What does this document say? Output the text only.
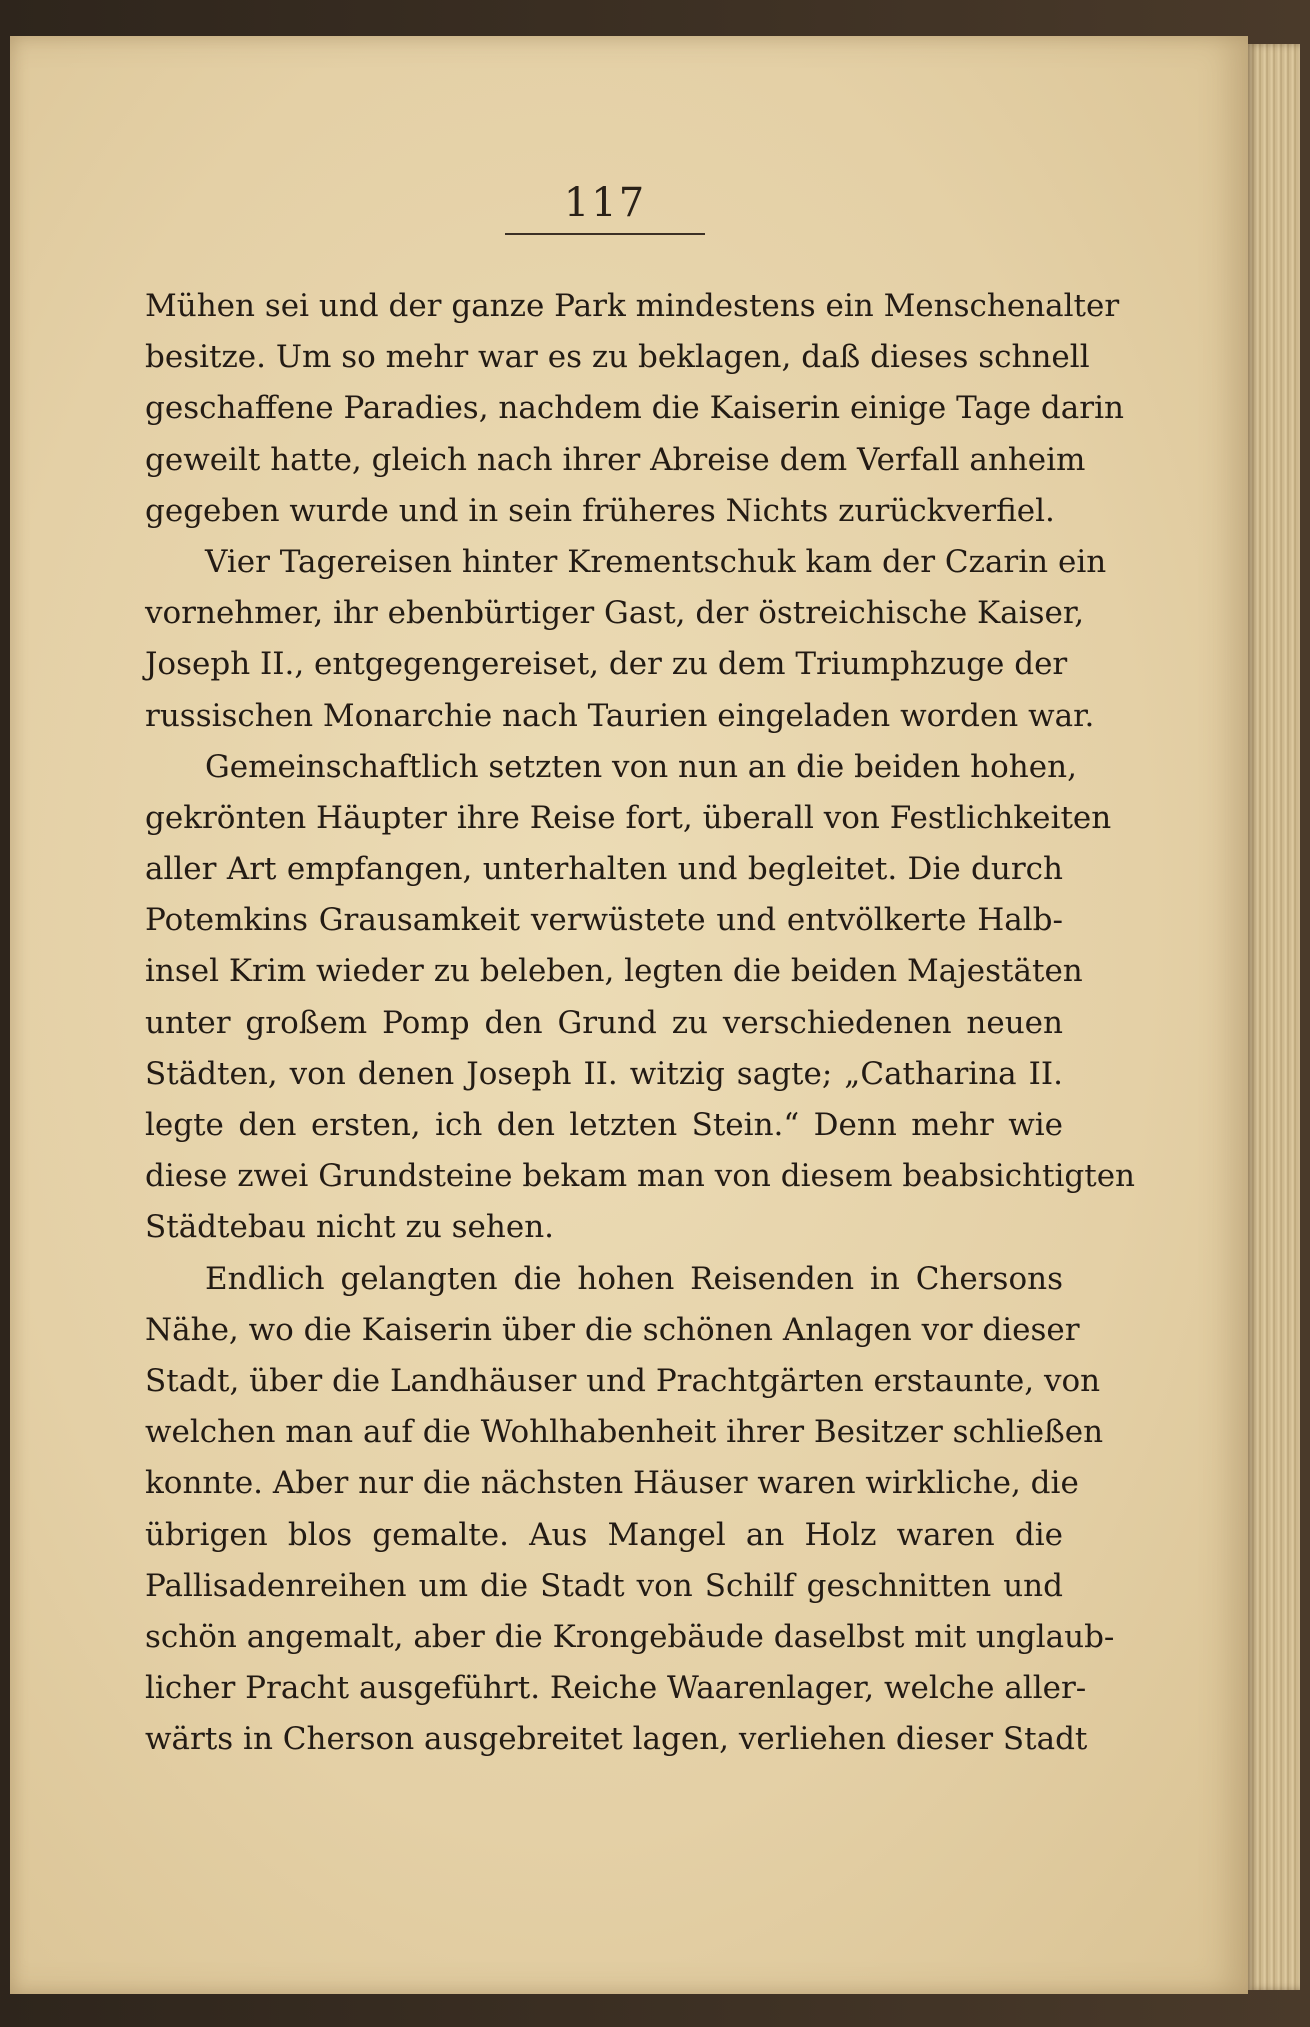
117
Mühen sei und der ganze Park mindestens ein Menschenalter
besitze. Um so mehr war es zu beklagen, daß dieses schnell
geschaffene Paradies, nachdem die Kaiserin einige Tage darin
geweilt hatte, gleich nach ihrer Abreise dem Verfall anheim
gegeben wurde und in sein früheres Nichts zurückverfiel.
Vier Tagereisen hinter Krementschuk kam der Czarin ein
vornehmer, ihr ebenbürtiger Gast, der östreichische Kaiser,
Joseph II., entgegengereiset, der zu dem Triumphzuge der
russischen Monarchie nach Taurien eingeladen worden war.
Gemeinschaftlich setzten von nun an die beiden hohen,
gekrönten Häupter ihre Reise fort, überall von Festlichkeiten
aller Art empfangen, unterhalten und begleitet. Die durch
Potemkins Grausamkeit verwüstete und entvölkerte Halb-
insel Krim wieder zu beleben, legten die beiden Majestäten
unter großem Pomp den Grund zu verschiedenen neuen
Städten, von denen Joseph II. witzig sagte; „Catharina II.
legte den ersten, ich den letzten Stein.“ Denn mehr wie
diese zwei Grundsteine bekam man von diesem beabsichtigten
Städtebau nicht zu sehen.
Endlich gelangten die hohen Reisenden in Chersons
Nähe, wo die Kaiserin über die schönen Anlagen vor dieser
Stadt, über die Landhäuser und Prachtgärten erstaunte, von
welchen man auf die Wohlhabenheit ihrer Besitzer schließen
konnte. Aber nur die nächsten Häuser waren wirkliche, die
übrigen blos gemalte. Aus Mangel an Holz waren die
Pallisadenreihen um die Stadt von Schilf geschnitten und
schön angemalt, aber die Krongebäude daselbst mit unglaub-
licher Pracht ausgeführt. Reiche Waarenlager, welche aller-
wärts in Cherson ausgebreitet lagen, verliehen dieser Stadt
